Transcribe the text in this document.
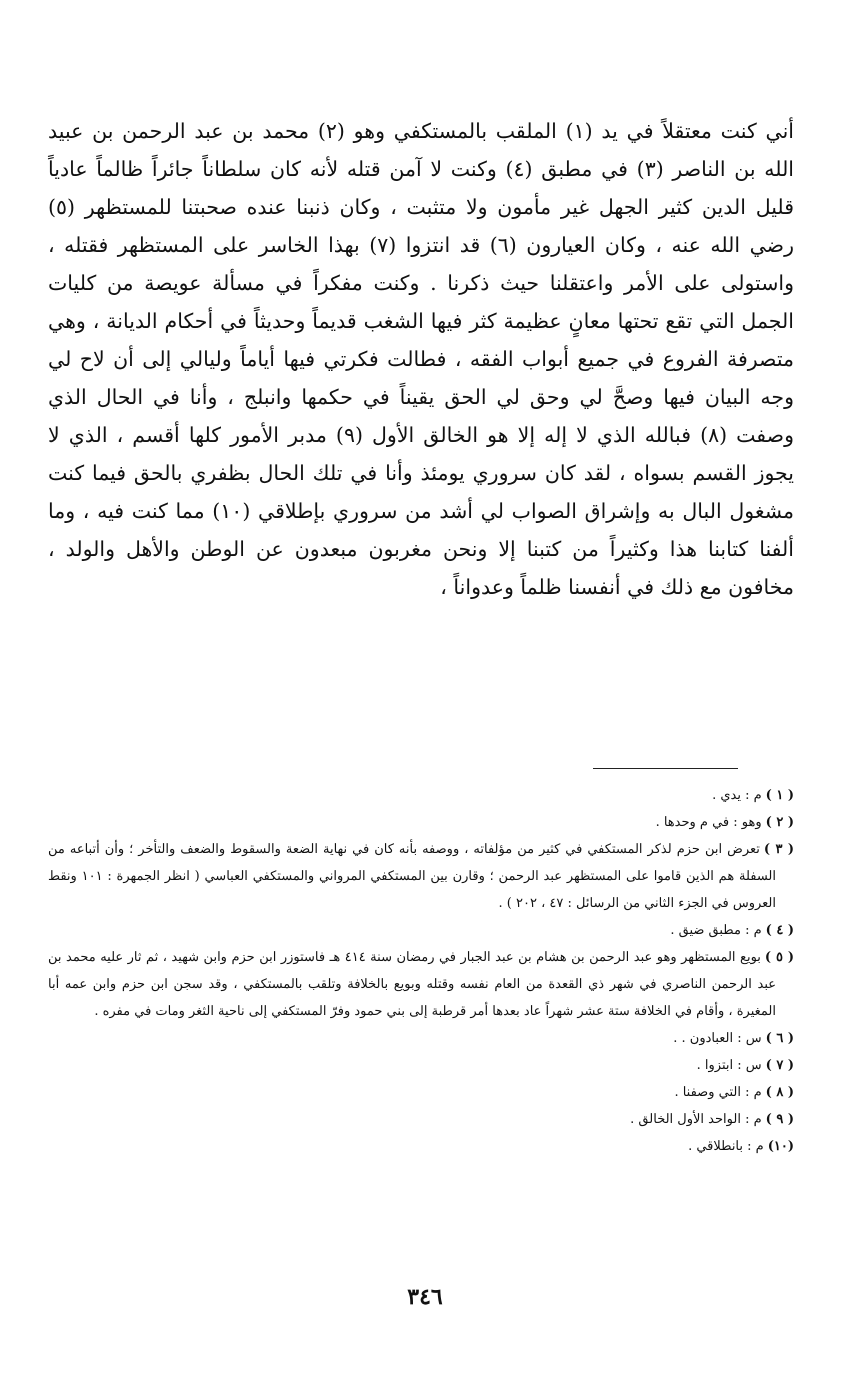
أني كنت معتقلاً في يد (١) الملقب بالمستكفي وهو (٢) محمد بن عبد الرحمن بن عبيد الله بن الناصر (٣) في مطبق (٤) وكنت لا آمن قتله لأنه كان سلطاناً جائراً ظالماً عادياً قليل الدين كثير الجهل غير مأمون ولا متثبت ، وكان ذنبنا عنده صحبتنا للمستظهر (٥) رضي الله عنه ، وكان العيارون (٦) قد انتزوا (٧) بهذا الخاسر على المستظهر فقتله ، واستولى على الأمر واعتقلنا حيث ذكرنا . وكنت مفكراً في مسألة عويصة من كليات الجمل التي تقع تحتها معانٍ عظيمة كثر فيها الشغب قديماً وحديثاً في أحكام الديانة ، وهي متصرفة الفروع في جميع أبواب الفقه ، فطالت فكرتي فيها أياماً وليالي إلى أن لاح لي وجه البيان فيها وصحَّ لي وحق لي الحق يقيناً في حكمها وانبلج ، وأنا في الحال الذي وصفت (٨) فبالله الذي لا إله إلا هو الخالق الأول (٩) مدبر الأمور كلها أقسم ، الذي لا يجوز القسم بسواه ، لقد كان سروري يومئذ وأنا في تلك الحال بظفري بالحق فيما كنت مشغول البال به وإشراق الصواب لي أشد من سروري بإطلاقي (١٠) مما كنت فيه ، وما ألفنا كتابنا هذا وكثيراً من كتبنا إلا ونحن مغربون مبعدون عن الوطن والأهل والولد ، مخافون مع ذلك في أنفسنا ظلماً وعدواناً ،

( ١ )م : يدي .
( ٢ )وهو : في م وحدها .
( ٣ )تعرض ابن حزم لذكر المستكفي في كثير من مؤلفاته ، ووصفه بأنه كان في نهاية الضعة والسقوط والضعف والتأخر ؛ وأن أتباعه من السفلة هم الذين قاموا على المستظهر عبد الرحمن ؛ وقارن بين المستكفي المرواني والمستكفي العباسي ( انظر الجمهرة : ١٠١ ونقط العروس في الجزء الثاني من الرسائل : ٤٧ ، ٢٠٢ ) .
( ٤ )م : مطبق ضيق .
( ٥ )بويع المستظهر وهو عبد الرحمن بن هشام بن عبد الجبار في رمضان سنة ٤١٤ هـ فاستوزر ابن حزم وابن شهيد ، ثم ثار عليه محمد بن عبد الرحمن الناصري في شهر ذي القعدة من العام نفسه وقتله وبويع بالخلافة وتلقب بالمستكفي ، وقد سجن ابن حزم وابن عمه أبا المغيرة ، وأقام في الخلافة ستة عشر شهراً عاد بعدها أمر قرطبة إلى بني حمود وفرّ المستكفي إلى ناحية الثغر ومات في مفره .
( ٦ )س : العبادون . .
( ٧ )س : ابتزوا .
( ٨ )م : التي وصفنا .
( ٩ )م : الواحد الأول الخالق .
(١٠)م : بانطلاقي .

٣٤٦
